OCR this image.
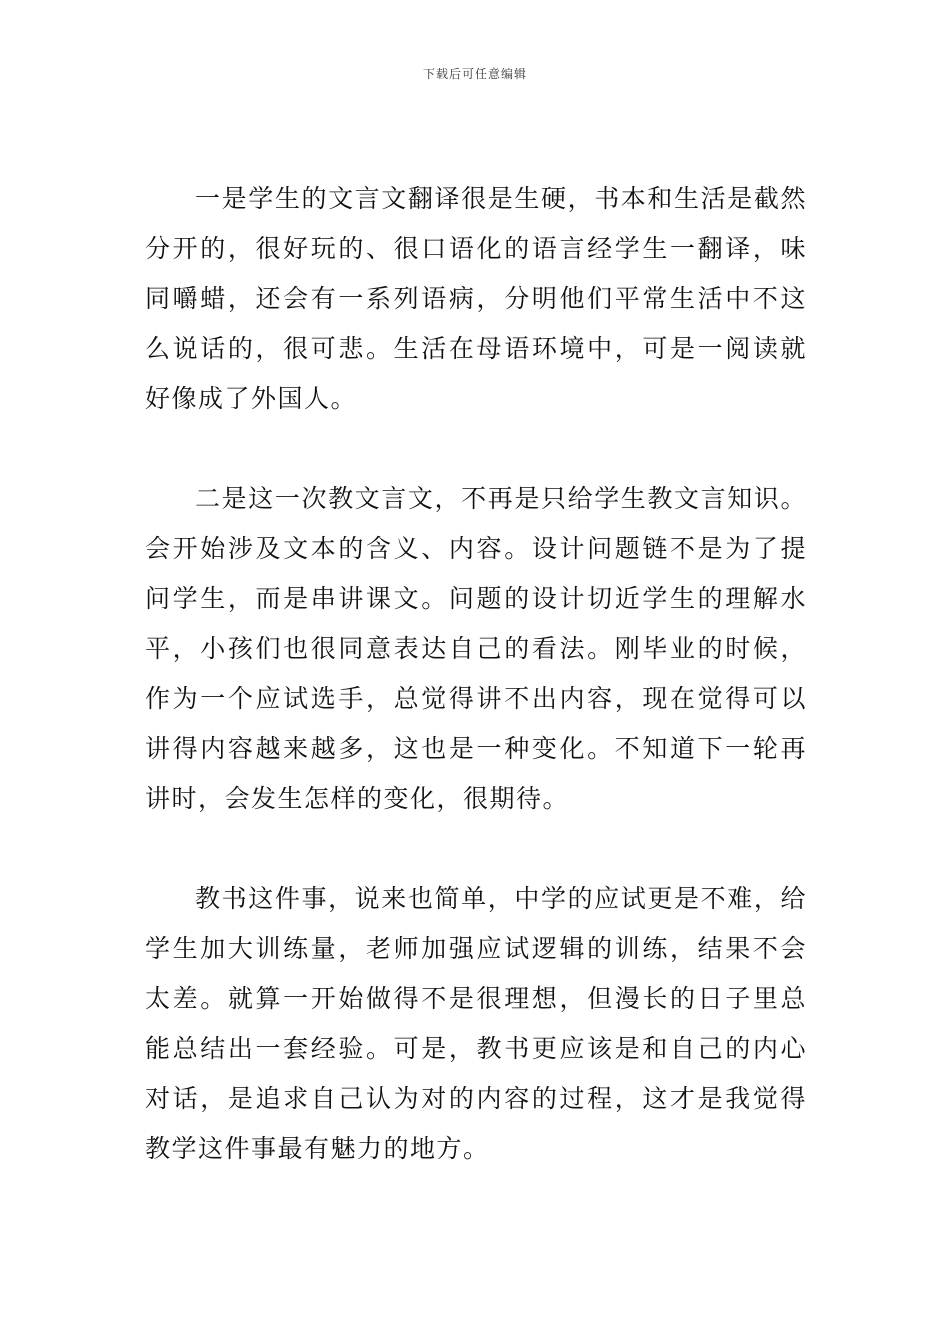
下载后可任意编辑

一是学生的文言文翻译很是生硬，书本和生活是截然分开的，很好玩的、很口语化的语言经学生一翻译，味同嚼蜡，还会有一系列语病，分明他们平常生活中不这么说话的，很可悲。生活在母语环境中，可是一阅读就好像成了外国人。

二是这一次教文言文，不再是只给学生教文言知识。会开始涉及文本的含义、内容。设计问题链不是为了提问学生，而是串讲课文。问题的设计切近学生的理解水平，小孩们也很同意表达自己的看法。刚毕业的时候，作为一个应试选手，总觉得讲不出内容，现在觉得可以讲得内容越来越多，这也是一种变化。不知道下一轮再讲时，会发生怎样的变化，很期待。

教书这件事，说来也简单，中学的应试更是不难，给学生加大训练量，老师加强应试逻辑的训练，结果不会太差。就算一开始做得不是很理想，但漫长的日子里总能总结出一套经验。可是，教书更应该是和自己的内心对话，是追求自己认为对的内容的过程，这才是我觉得教学这件事最有魅力的地方。
